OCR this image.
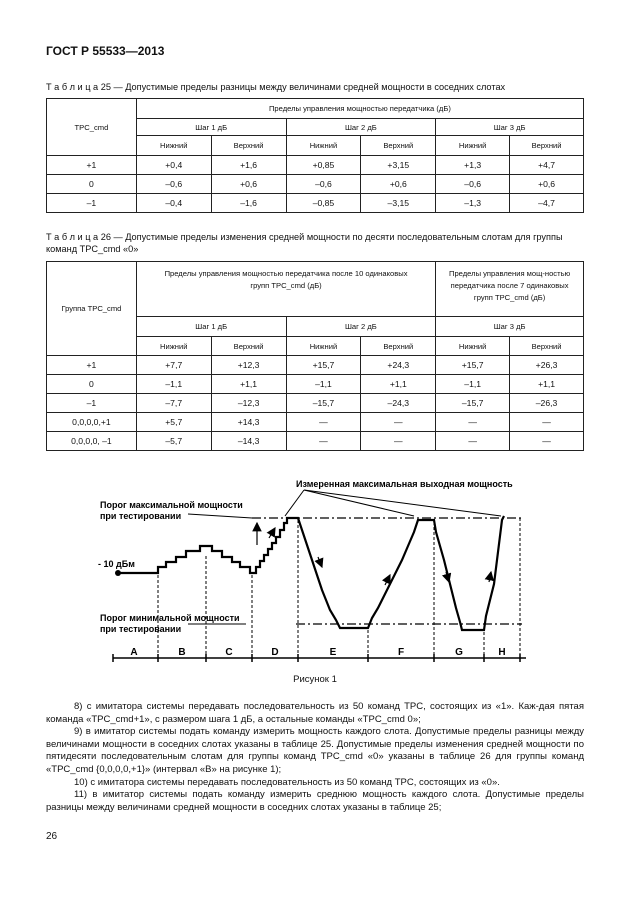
ГОСТ Р 55533—2013
Т а б л и ц а 25 — Допустимые пределы разницы между величинами средней мощности в соседних слотах
TPC_cmd	Пределы управления мощностью передатчика (дБ)					
	Шаг 1 дБ		Шаг 2 дБ		Шаг 3 дБ	
	Нижний	Верхний	Нижний	Верхний	Нижний	Верхний
+1	+0,4	+1,6	+0,85	+3,15	+1,3	+4,7
0	–0,6	+0,6	–0,6	+0,6	–0,6	+0,6
–1	–0,4	–1,6	–0,85	–3,15	–1,3	–4,7
Т а б л и ц а 26 — Допустимые пределы изменения средней мощности по десяти последовательным слотам для группы команд TPC_cmd «0»
Группа TPC_cmd	Пределы управления мощностью передатчика после 10 одинаковых групп TPC_cmd (дБ)				Пределы управления мощ-ностью передатчика после 7 одинаковых групп TPC_cmd (дБ)	
	Шаг 1 дБ		Шаг 2 дБ		Шаг 3 дБ	
	Нижний	Верхний	Нижний	Верхний	Нижний	Верхний
+1	+7,7	+12,3	+15,7	+24,3	+15,7	+26,3
0	–1,1	+1,1	–1,1	+1,1	–1,1	+1,1
–1	–7,7	–12,3	–15,7	–24,3	–15,7	–26,3
0,0,0,0,+1	+5,7	+14,3	—	—	—	—
0,0,0,0, –1	–5,7	–14,3	—	—	—	—
Измеренная максимальная выходная мощность
Порог максимальной мощности
при тестировании
Порог минимальной мощности
при тестировании
- 10 дБм
A	B	C	D	E	F	G	H
Рисунок 1

8) с имитатора системы передавать последовательность из 50 команд TPC, состоящих из «1». Каж-дая пятая команда «TPC_cmd+1», с размером шага 1 дБ, а остальные команды «TPC_cmd 0»;

9) в имитатор системы подать команду измерить мощность каждого слота. Допустимые пределы разницы между величинами мощности в соседних слотах указаны в таблице 25. Допустимые пределы изменения средней мощности по пятидесяти последовательным слотам для группы команд TPC_cmd «0» указаны в таблице 26 для группы команд «TPC_cmd {0,0,0,0,+1}» (интервал «B» на рисунке 1);

10) с имитатора системы передавать последовательность из 50 команд TPC, состоящих из «0».

11) в имитатор системы подать команду измерить среднюю мощность каждого слота. Допустимые пределы разницы между величинами средней мощности в соседних слотах указаны в таблице 25;

26
